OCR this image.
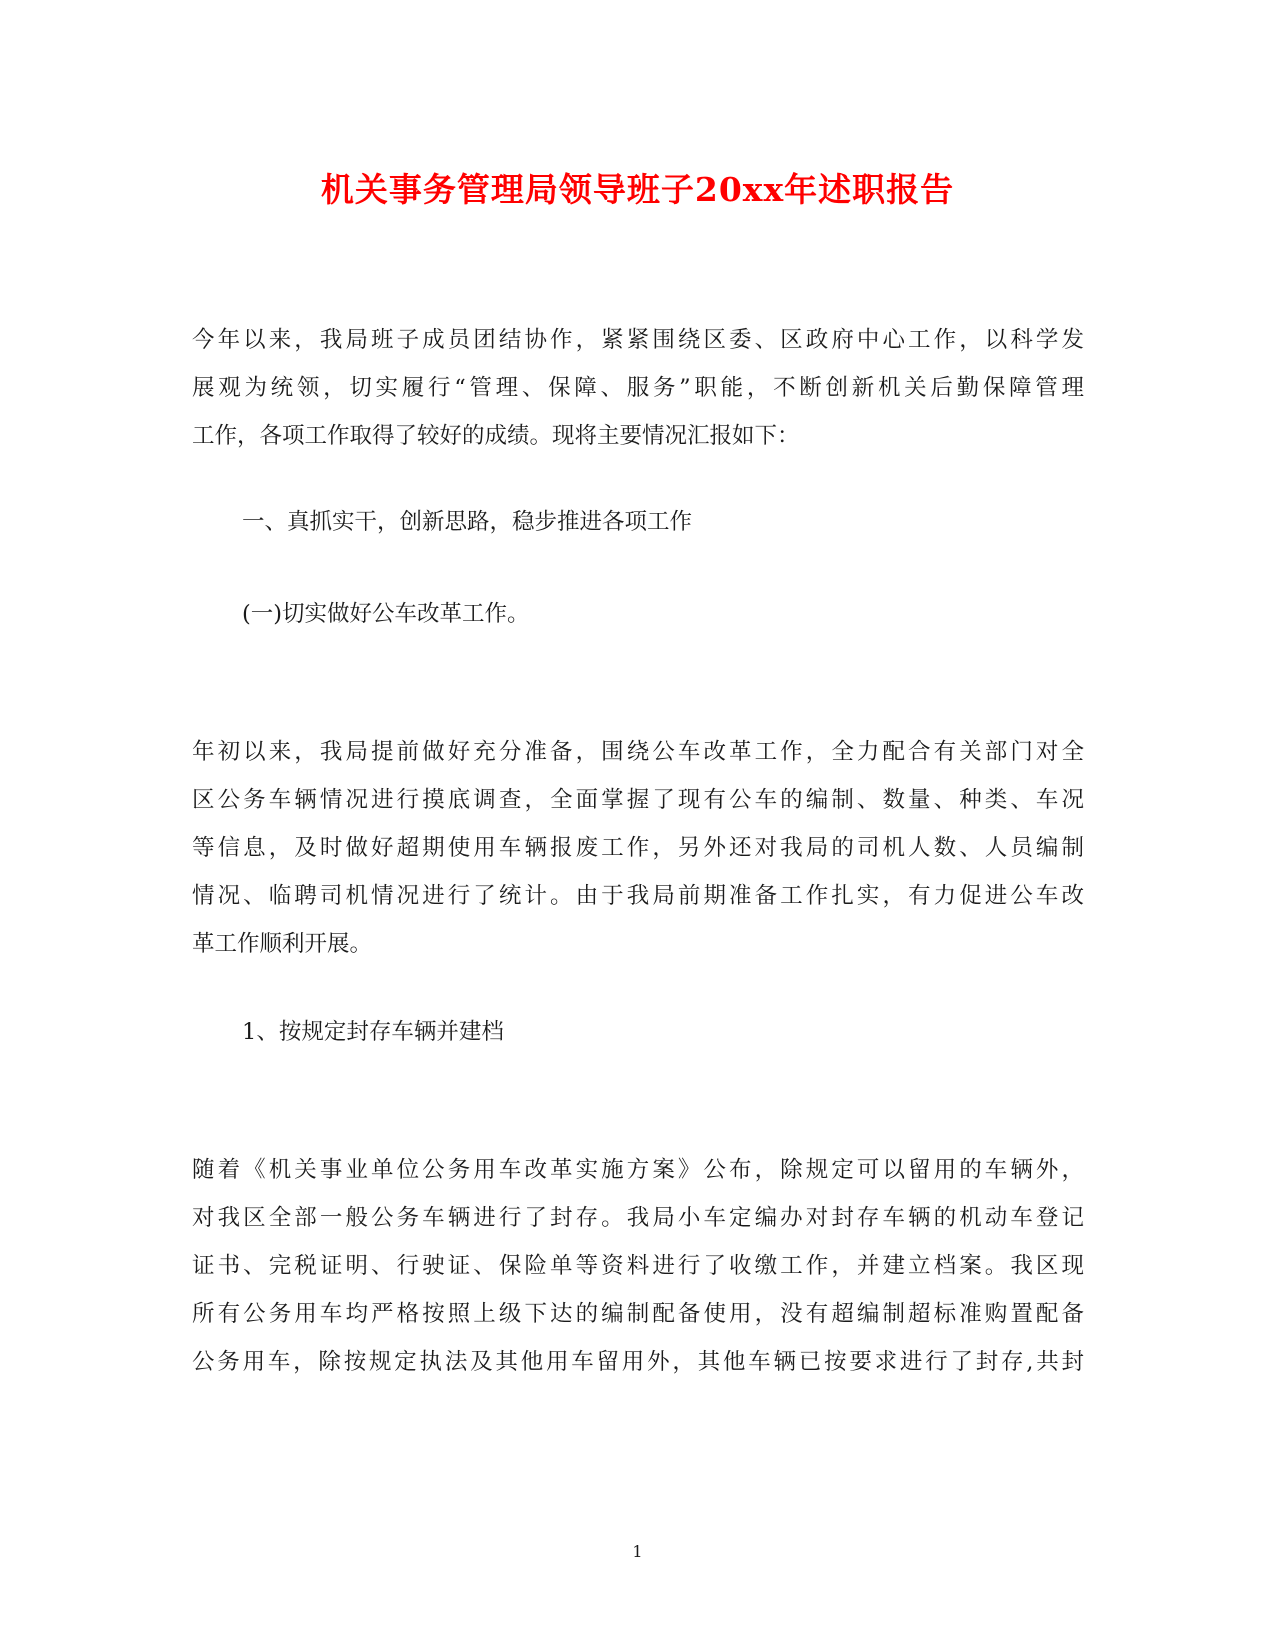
机关事务管理局领导班子20xx年述职报告
今年以来，我局班子成员团结协作，紧紧围绕区委、区政府中心工作，以科学发
展观为统领，切实履行“管理、保障、服务”职能，不断创新机关后勤保障管理
工作，各项工作取得了较好的成绩。现将主要情况汇报如下：
一、真抓实干，创新思路，稳步推进各项工作
(一)切实做好公车改革工作。
年初以来，我局提前做好充分准备，围绕公车改革工作，全力配合有关部门对全
区公务车辆情况进行摸底调查，全面掌握了现有公车的编制、数量、种类、车况
等信息，及时做好超期使用车辆报废工作，另外还对我局的司机人数、人员编制
情况、临聘司机情况进行了统计。由于我局前期准备工作扎实，有力促进公车改
革工作顺利开展。
1、按规定封存车辆并建档
随着《机关事业单位公务用车改革实施方案》公布，除规定可以留用的车辆外，
对我区全部一般公务车辆进行了封存。我局小车定编办对封存车辆的机动车登记
证书、完税证明、行驶证、保险单等资料进行了收缴工作，并建立档案。我区现
所有公务用车均严格按照上级下达的编制配备使用，没有超编制超标准购置配备
公务用车，除按规定执法及其他用车留用外，其他车辆已按要求进行了封存,共封
1
